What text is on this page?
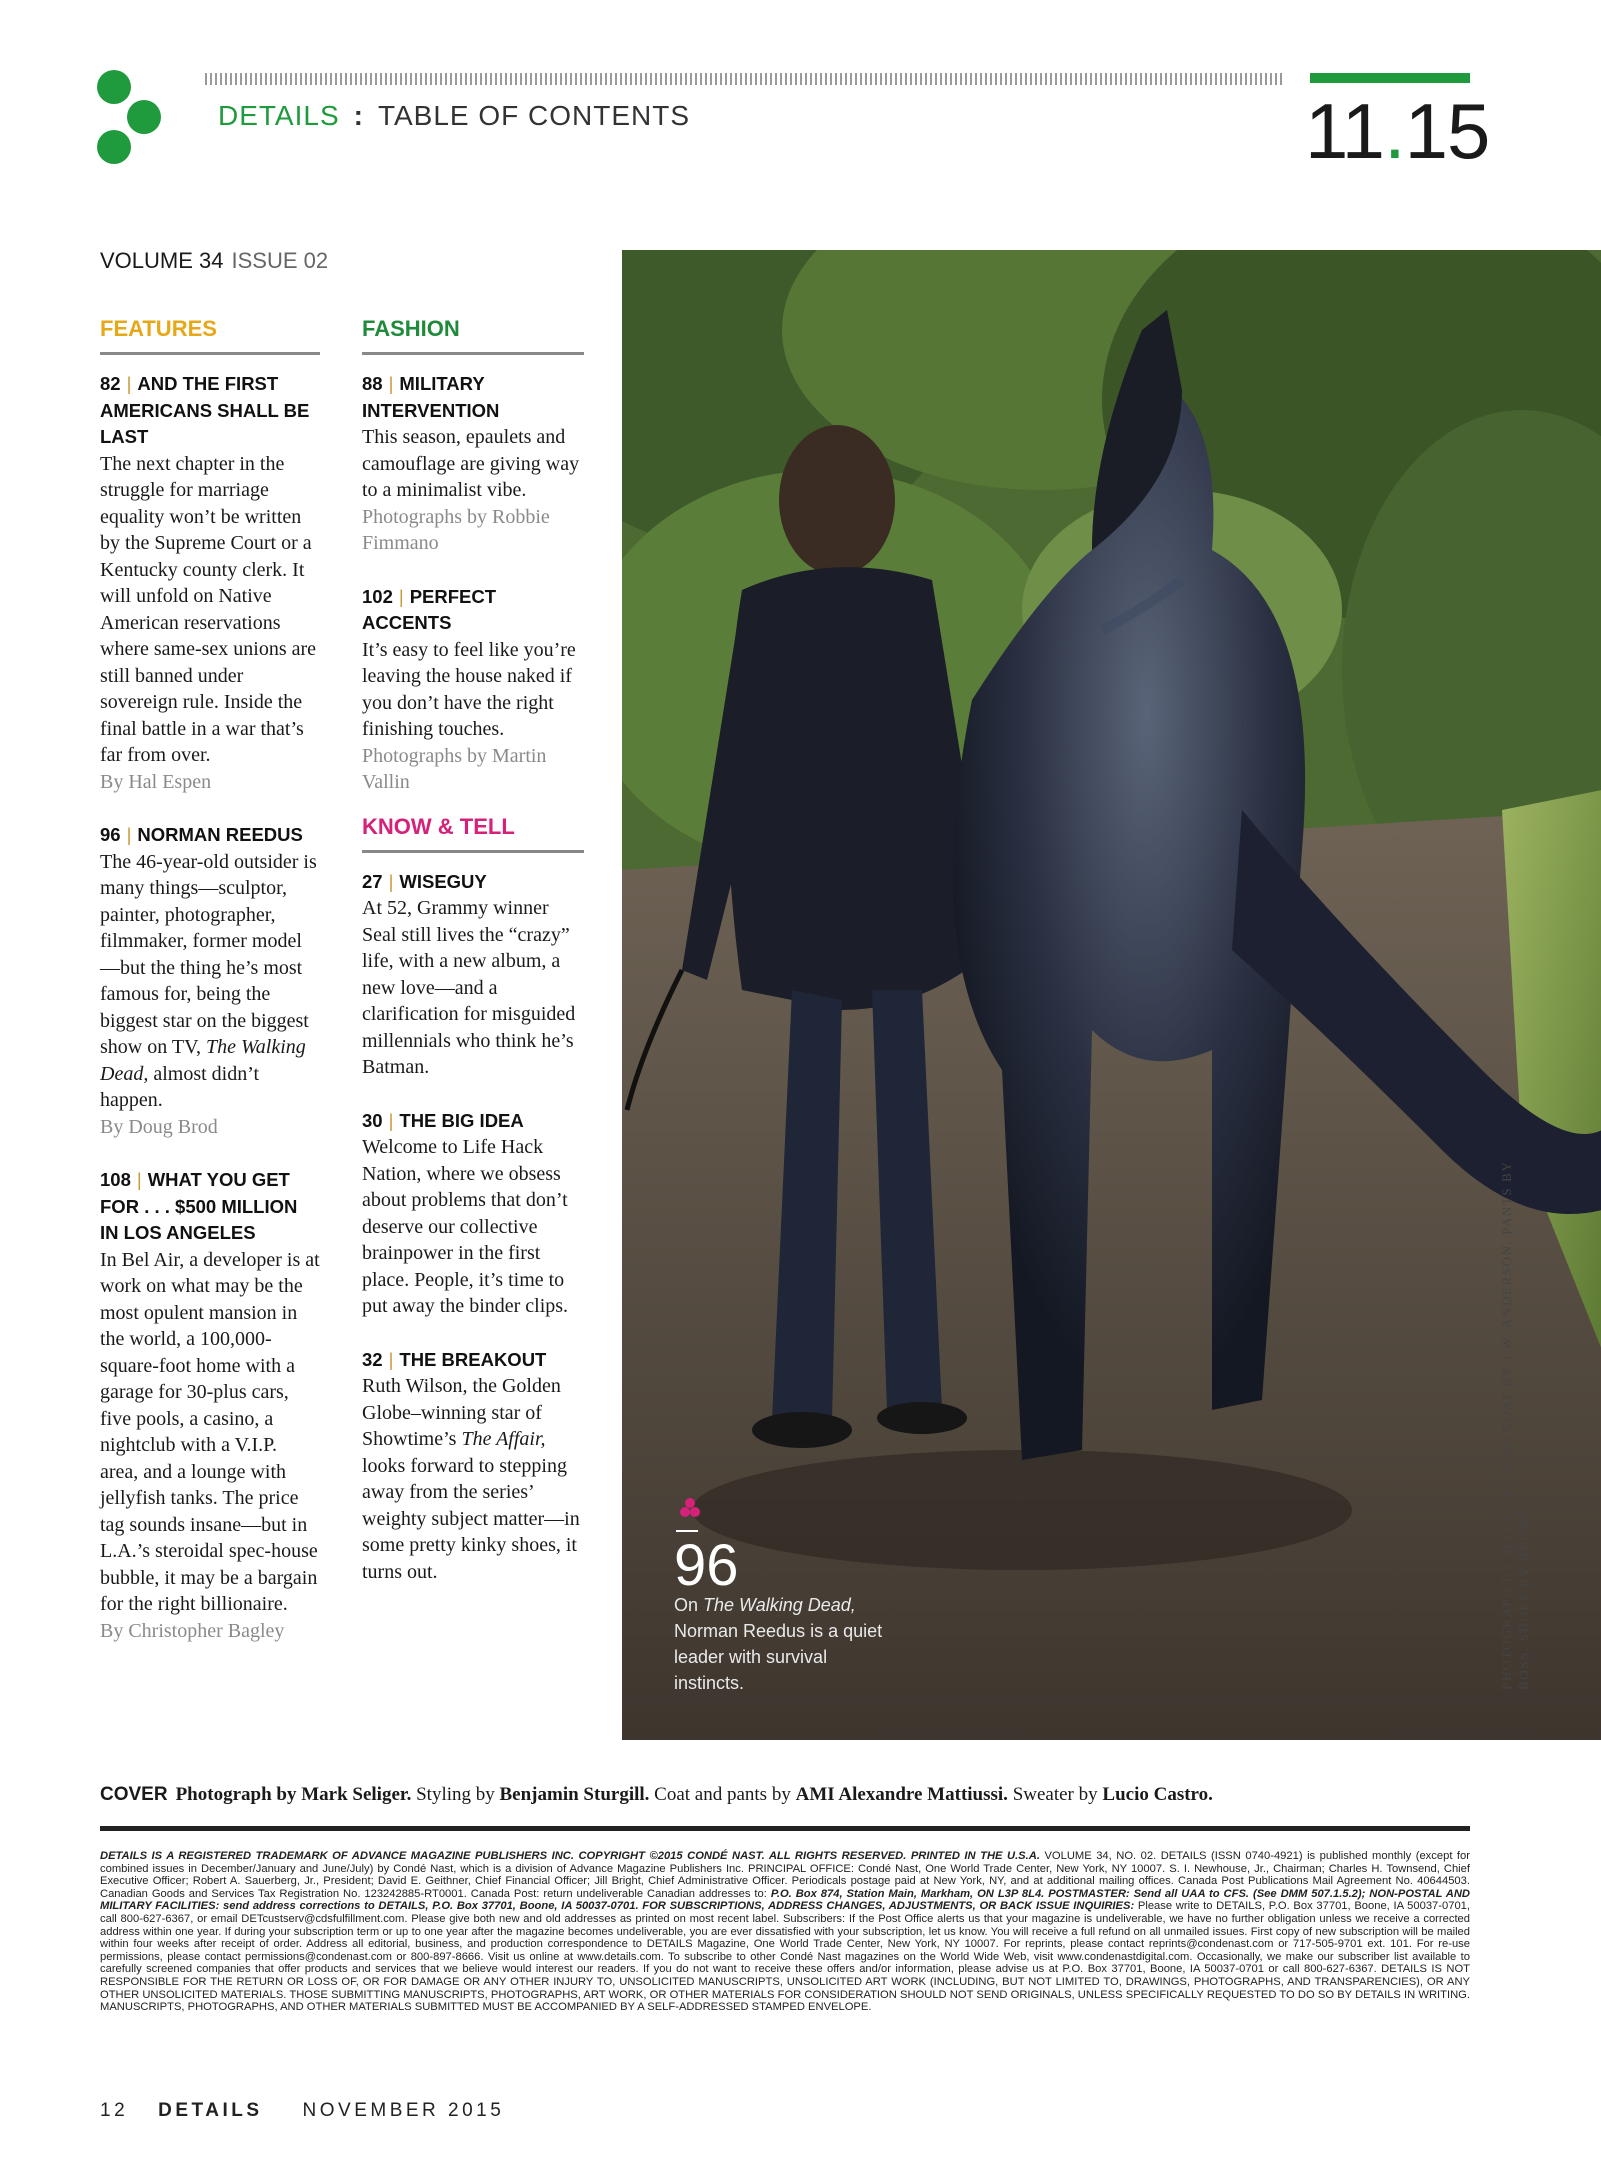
DETAILS : TABLE OF CONTENTS	11.15
VOLUME 34 ISSUE 02
FEATURES
82 | AND THE FIRST AMERICANS SHALL BE LAST
The next chapter in the struggle for marriage equality won’t be written by the Supreme Court or a Kentucky county clerk. It will unfold on Native American reservations where same-sex unions are still banned under sovereign rule. Inside the final battle in a war that’s far from over.
By Hal Espen
96 | NORMAN REEDUS
The 46-year-old outsider is many things—sculptor, painter, photographer, filmmaker, former model—but the thing he’s most famous for, being the biggest star on the biggest show on TV, The Walking Dead, almost didn’t happen.
By Doug Brod
108 | WHAT YOU GET FOR . . . $500 MILLION IN LOS ANGELES
In Bel Air, a developer is at work on what may be the most opulent mansion in the world, a 100,000-square-foot home with a garage for 30-plus cars, five pools, a casino, a nightclub with a V.I.P. area, and a lounge with jellyfish tanks. The price tag sounds insane—but in L.A.’s steroidal spec-house bubble, it may be a bargain for the right billionaire.
By Christopher Bagley
FASHION
88 | MILITARY INTERVENTION
This season, epaulets and camouflage are giving way to a minimalist vibe.
Photographs by Robbie Fimmano
102 | PERFECT ACCENTS
It’s easy to feel like you’re leaving the house naked if you don’t have the right finishing touches.
Photographs by Martin Vallin
KNOW & TELL
27 | WISEGUY
At 52, Grammy winner Seal still lives the “crazy” life, with a new album, a new love—and a clarification for misguided millennials who think he’s Batman.
30 | THE BIG IDEA
Welcome to Life Hack Nation, where we obsess about problems that don’t deserve our collective brainpower in the first place. People, it’s time to put away the binder clips.
32 | THE BREAKOUT
Ruth Wilson, the Golden Globe–winning star of Showtime’s The Affair, looks forward to stepping away from the series’ weighty subject matter—in some pretty kinky shoes, it turns out.	96
On The Walking Dead, Norman Reedus is a quiet leader with survival instincts.	PHOTOGRAPH BY MARK SELIGER. COAT BY J.W. ANDERSON. PANTS BY BOSS. SHOES BY HERMÈS.
COVER Photograph by Mark Seliger. Styling by Benjamin Sturgill. Coat and pants by AMI Alexandre Mattiussi. Sweater by Lucio Castro.
DETAILS IS A REGISTERED TRADEMARK OF ADVANCE MAGAZINE PUBLISHERS INC. COPYRIGHT ©2015 CONDÉ NAST. ALL RIGHTS RESERVED. PRINTED IN THE U.S.A. VOLUME 34, NO. 02. DETAILS (ISSN 0740-4921) is published monthly (except for combined issues in December/January and June/July) by Condé Nast, which is a division of Advance Magazine Publishers Inc. PRINCIPAL OFFICE: Condé Nast, One World Trade Center, New York, NY 10007. S. I. Newhouse, Jr., Chairman; Charles H. Townsend, Chief Executive Officer; Robert A. Sauerberg, Jr., President; David E. Geithner, Chief Financial Officer; Jill Bright, Chief Administrative Officer. Periodicals postage paid at New York, NY, and at additional mailing offices. Canada Post Publications Mail Agreement No. 40644503. Canadian Goods and Services Tax Registration No. 123242885-RT0001. Canada Post: return undeliverable Canadian addresses to: P.O. Box 874, Station Main, Markham, ON L3P 8L4. POSTMASTER: Send all UAA to CFS. (See DMM 507.1.5.2); NON-POSTAL AND MILITARY FACILITIES: send address corrections to DETAILS, P.O. Box 37701, Boone, IA 50037-0701. FOR SUBSCRIPTIONS, ADDRESS CHANGES, ADJUSTMENTS, OR BACK ISSUE INQUIRIES: Please write to DETAILS, P.O. Box 37701, Boone, IA 50037-0701, call 800-627-6367, or email DETcustserv@cdsfulfillment.com. Please give both new and old addresses as printed on most recent label. Subscribers: If the Post Office alerts us that your magazine is undeliverable, we have no further obligation unless we receive a corrected address within one year. If during your subscription term or up to one year after the magazine becomes undeliverable, you are ever dissatisfied with your subscription, let us know. You will receive a full refund on all unmailed issues. First copy of new subscription will be mailed within four weeks after receipt of order. Address all editorial, business, and production correspondence to DETAILS Magazine, One World Trade Center, New York, NY 10007. For reprints, please contact reprints@condenast.com or 717-505-9701 ext. 101. For re-use permissions, please contact permissions@condenast.com or 800-897-8666. Visit us online at www.details.com. To subscribe to other Condé Nast magazines on the World Wide Web, visit www.condenastdigital.com. Occasionally, we make our subscriber list available to carefully screened companies that offer products and services that we believe would interest our readers. If you do not want to receive these offers and/or information, please advise us at P.O. Box 37701, Boone, IA 50037-0701 or call 800-627-6367. DETAILS IS NOT RESPONSIBLE FOR THE RETURN OR LOSS OF, OR FOR DAMAGE OR ANY OTHER INJURY TO, UNSOLICITED MANUSCRIPTS, UNSOLICITED ART WORK (INCLUDING, BUT NOT LIMITED TO, DRAWINGS, PHOTOGRAPHS, AND TRANSPARENCIES), OR ANY OTHER UNSOLICITED MATERIALS. THOSE SUBMITTING MANUSCRIPTS, PHOTOGRAPHS, ART WORK, OR OTHER MATERIALS FOR CONSIDERATION SHOULD NOT SEND ORIGINALS, UNLESS SPECIFICALLY REQUESTED TO DO SO BY DETAILS IN WRITING. MANUSCRIPTS, PHOTOGRAPHS, AND OTHER MATERIALS SUBMITTED MUST BE ACCOMPANIED BY A SELF-ADDRESSED STAMPED ENVELOPE.
12 DETAILS NOVEMBER 2015
